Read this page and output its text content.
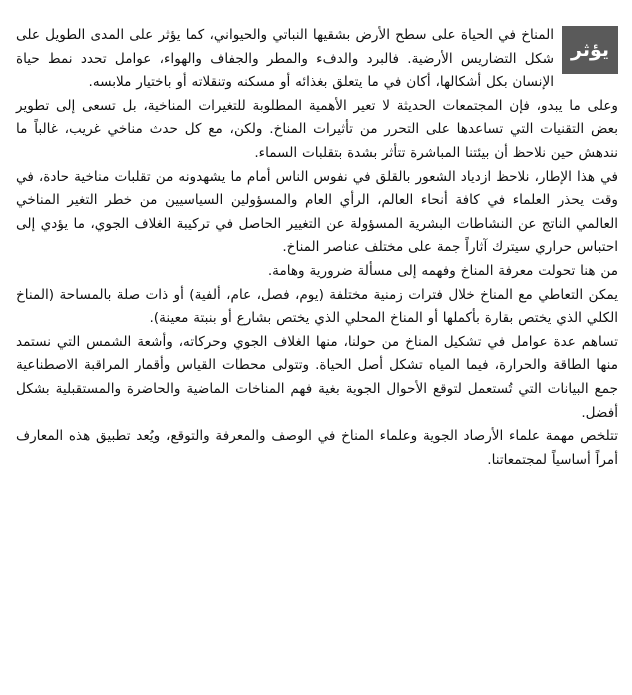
يؤثر

المناخ في الحياة على سطح الأرض بشقيها النباتي والحيواني، كما يؤثر على المدى الطويل على شكل التضاريس الأرضية. فالبرد والدفء والمطر والجفاف والهواء، عوامل تحدد نمط حياة الإنسان بكل أشكالها، أكان في ما يتعلق بغذائه أو مسكنه وتنقلاته أو باختيار ملابسه.

وعلى ما يبدو، فإن المجتمعات الحديثة لا تعير الأهمية المطلوبة للتغيرات المناخية، بل تسعى إلى تطوير بعض التقنيات التي تساعدها على التحرر من تأثيرات المناخ. ولكن، مع كل حدث مناخي غريب، غالباً ما نندهش حين نلاحظ أن بيئتنا المباشرة تتأثر بشدة بتقلبات السماء.

في هذا الإطار، نلاحظ ازدياد الشعور بالقلق في نفوس الناس أمام ما يشهدونه من تقلبات مناخية حادة، في وقت يحذر العلماء في كافة أنحاء العالم، الرأي العام والمسؤولين السياسيين من خطر التغير المناخي العالمي الناتج عن النشاطات البشرية المسؤولة عن التغيير الحاصل في تركيبة الغلاف الجوي، ما يؤدي إلى احتباس حراري سيترك آثاراً جمة على مختلف عناصر المناخ.

من هنا تحولت معرفة المناخ وفهمه إلى مسألة ضرورية وهامة.

يمكن التعاطي مع المناخ خلال فترات زمنية مختلفة (يوم، فصل، عام، ألفية) أو ذات صلة بالمساحة (المناخ الكلي الذي يختص بقارة بأكملها أو المناخ المحلي الذي يختص بشارع أو بنبتة معينة).

تساهم عدة عوامل في تشكيل المناخ من حولنا، منها الغلاف الجوي وحركاته، وأشعة الشمس التي نستمد منها الطاقة والحرارة، فيما المياه تشكل أصل الحياة. وتتولى محطات القياس وأقمار المراقبة الاصطناعية جمع البيانات التي تُستعمل لتوقع الأحوال الجوية بغية فهم المناخات الماضية والحاضرة والمستقبلية بشكل أفضل.

تتلخص مهمة علماء الأرصاد الجوية وعلماء المناخ في الوصف والمعرفة والتوقع، ويُعد تطبيق هذه المعارف أمراً أساسياً لمجتمعاتنا.
